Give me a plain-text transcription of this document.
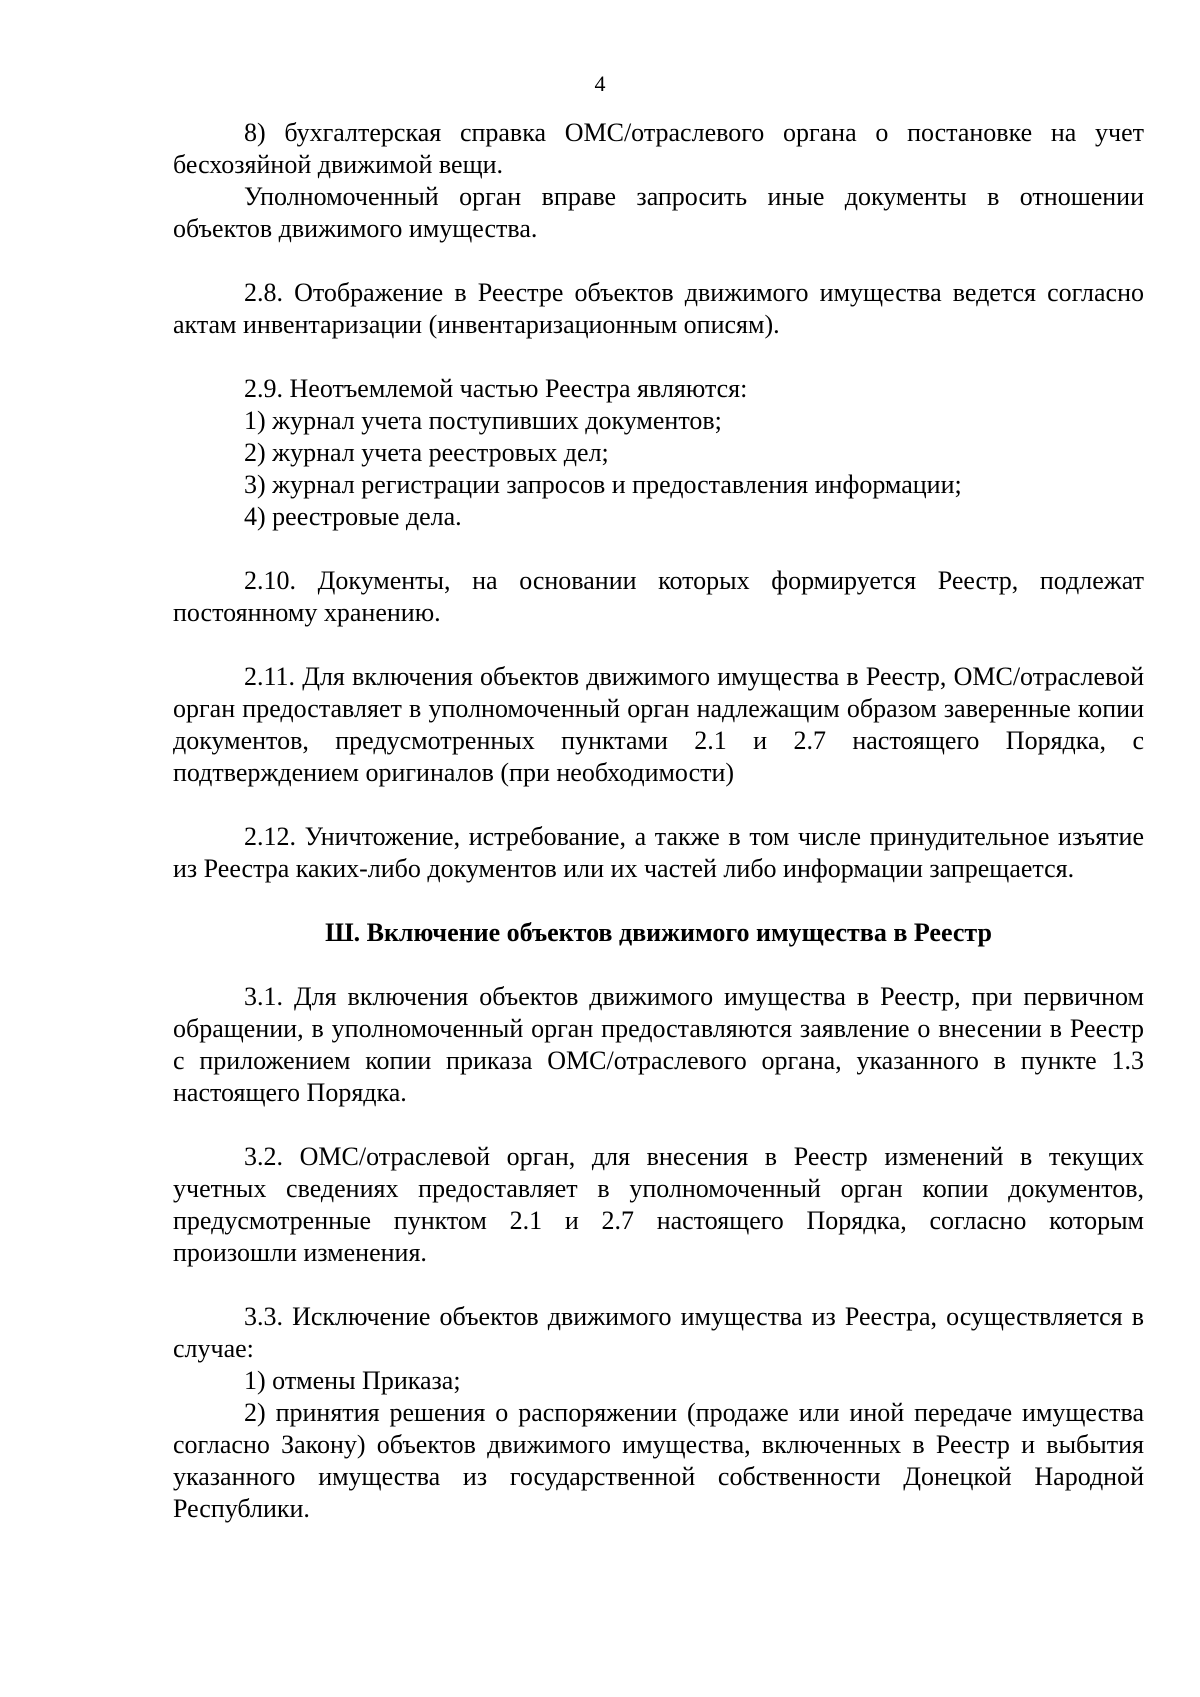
4

8) бухгалтерская справка ОМС/отраслевого органа о постановке на учет бесхозяйной движимой вещи.

Уполномоченный орган вправе запросить иные документы в отношении объектов движимого имущества.

2.8. Отображение в Реестре объектов движимого имущества ведется согласно актам инвентаризации (инвентаризационным описям).

2.9. Неотъемлемой частью Реестра являются:

1) журнал учета поступивших документов;

2) журнал учета реестровых дел;

3) журнал регистрации запросов и предоставления информации;

4) реестровые дела.

2.10. Документы, на основании которых формируется Реестр, подлежат постоянному хранению.

2.11. Для включения объектов движимого имущества в Реестр, ОМС/отраслевой орган предоставляет в уполномоченный орган надлежащим образом заверенные копии документов, предусмотренных пунктами 2.1 и 2.7 настоящего Порядка, с подтверждением оригиналов (при необходимости)

2.12. Уничтожение, истребование, а также в том числе принудительное изъятие из Реестра каких-либо документов или их частей либо информации запрещается.

Ш. Включение объектов движимого имущества в Реестр

3.1. Для включения объектов движимого имущества в Реестр, при первичном обращении, в уполномоченный орган предоставляются заявление о внесении в Реестр с приложением копии приказа ОМС/отраслевого органа, указанного в пункте 1.3 настоящего Порядка.

3.2. ОМС/отраслевой орган, для внесения в Реестр изменений в текущих учетных сведениях предоставляет в уполномоченный орган копии документов, предусмотренные пунктом 2.1 и 2.7 настоящего Порядка, согласно которым произошли изменения.

3.3. Исключение объектов движимого имущества из Реестра, осуществляется в случае:

1) отмены Приказа;

2) принятия решения о распоряжении (продаже или иной передаче имущества согласно Закону) объектов движимого имущества, включенных в Реестр и выбытия указанного имущества из государственной собственности Донецкой Народной Республики.
